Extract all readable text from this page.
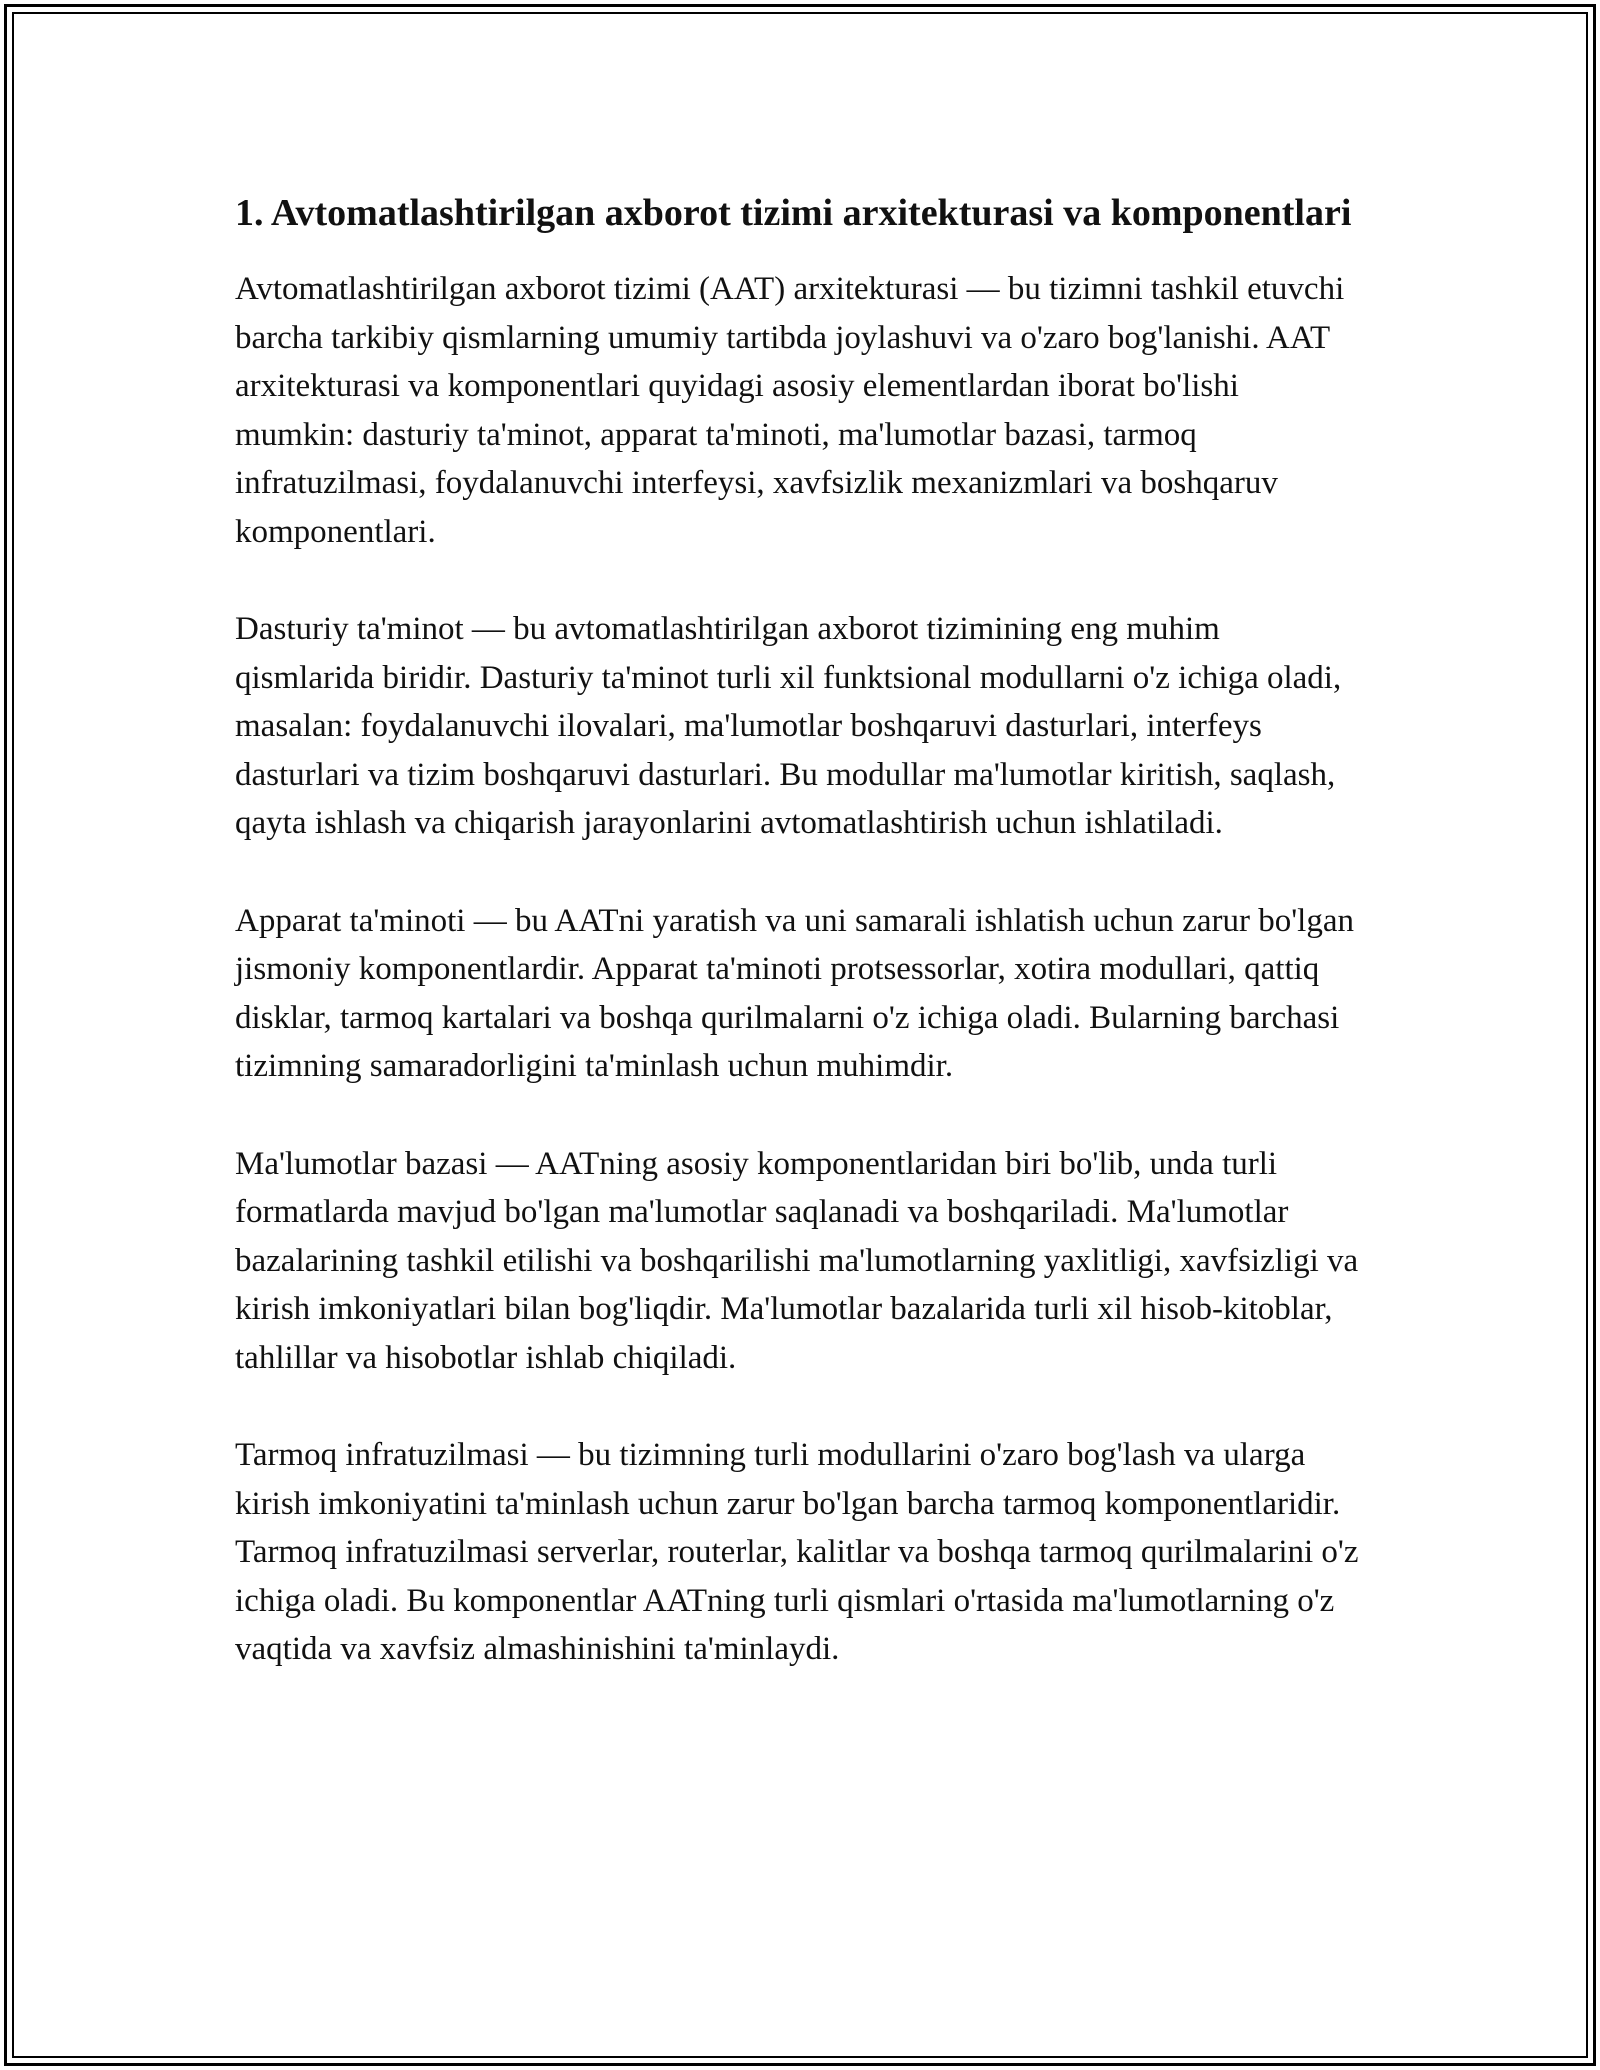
1. Avtomatlashtirilgan axborot tizimi arxitekturasi va komponentlari

Avtomatlashtirilgan axborot tizimi (AAT) arxitekturasi — bu tizimni tashkil etuvchi barcha tarkibiy qismlarning umumiy tartibda joylashuvi va o'zaro bog'lanishi. AAT arxitekturasi va komponentlari quyidagi asosiy elementlardan iborat bo'lishi mumkin: dasturiy ta'minot, apparat ta'minoti, ma'lumotlar bazasi, tarmoq infratuzilmasi, foydalanuvchi interfeysi, xavfsizlik mexanizmlari va boshqaruv komponentlari.

Dasturiy ta'minot — bu avtomatlashtirilgan axborot tizimining eng muhim qismlarida biridir. Dasturiy ta'minot turli xil funktsional modullarni o'z ichiga oladi, masalan: foydalanuvchi ilovalari, ma'lumotlar boshqaruvi dasturlari, interfeys dasturlari va tizim boshqaruvi dasturlari. Bu modullar ma'lumotlar kiritish, saqlash, qayta ishlash va chiqarish jarayonlarini avtomatlashtirish uchun ishlatiladi.

Apparat ta'minoti — bu AATni yaratish va uni samarali ishlatish uchun zarur bo'lgan jismoniy komponentlardir. Apparat ta'minoti protsessorlar, xotira modullari, qattiq disklar, tarmoq kartalari va boshqa qurilmalarni o'z ichiga oladi. Bularning barchasi tizimning samaradorligini ta'minlash uchun muhimdir.

Ma'lumotlar bazasi — AATning asosiy komponentlaridan biri bo'lib, unda turli formatlarda mavjud bo'lgan ma'lumotlar saqlanadi va boshqariladi. Ma'lumotlar bazalarining tashkil etilishi va boshqarilishi ma'lumotlarning yaxlitligi, xavfsizligi va kirish imkoniyatlari bilan bog'liqdir. Ma'lumotlar bazalarida turli xil hisob-kitoblar, tahlillar va hisobotlar ishlab chiqiladi.

Tarmoq infratuzilmasi — bu tizimning turli modullarini o'zaro bog'lash va ularga kirish imkoniyatini ta'minlash uchun zarur bo'lgan barcha tarmoq komponentlaridir. Tarmoq infratuzilmasi serverlar, routerlar, kalitlar va boshqa tarmoq qurilmalarini o'z ichiga oladi. Bu komponentlar AATning turli qismlari o'rtasida ma'lumotlarning o'z vaqtida va xavfsiz almashinishini ta'minlaydi.
